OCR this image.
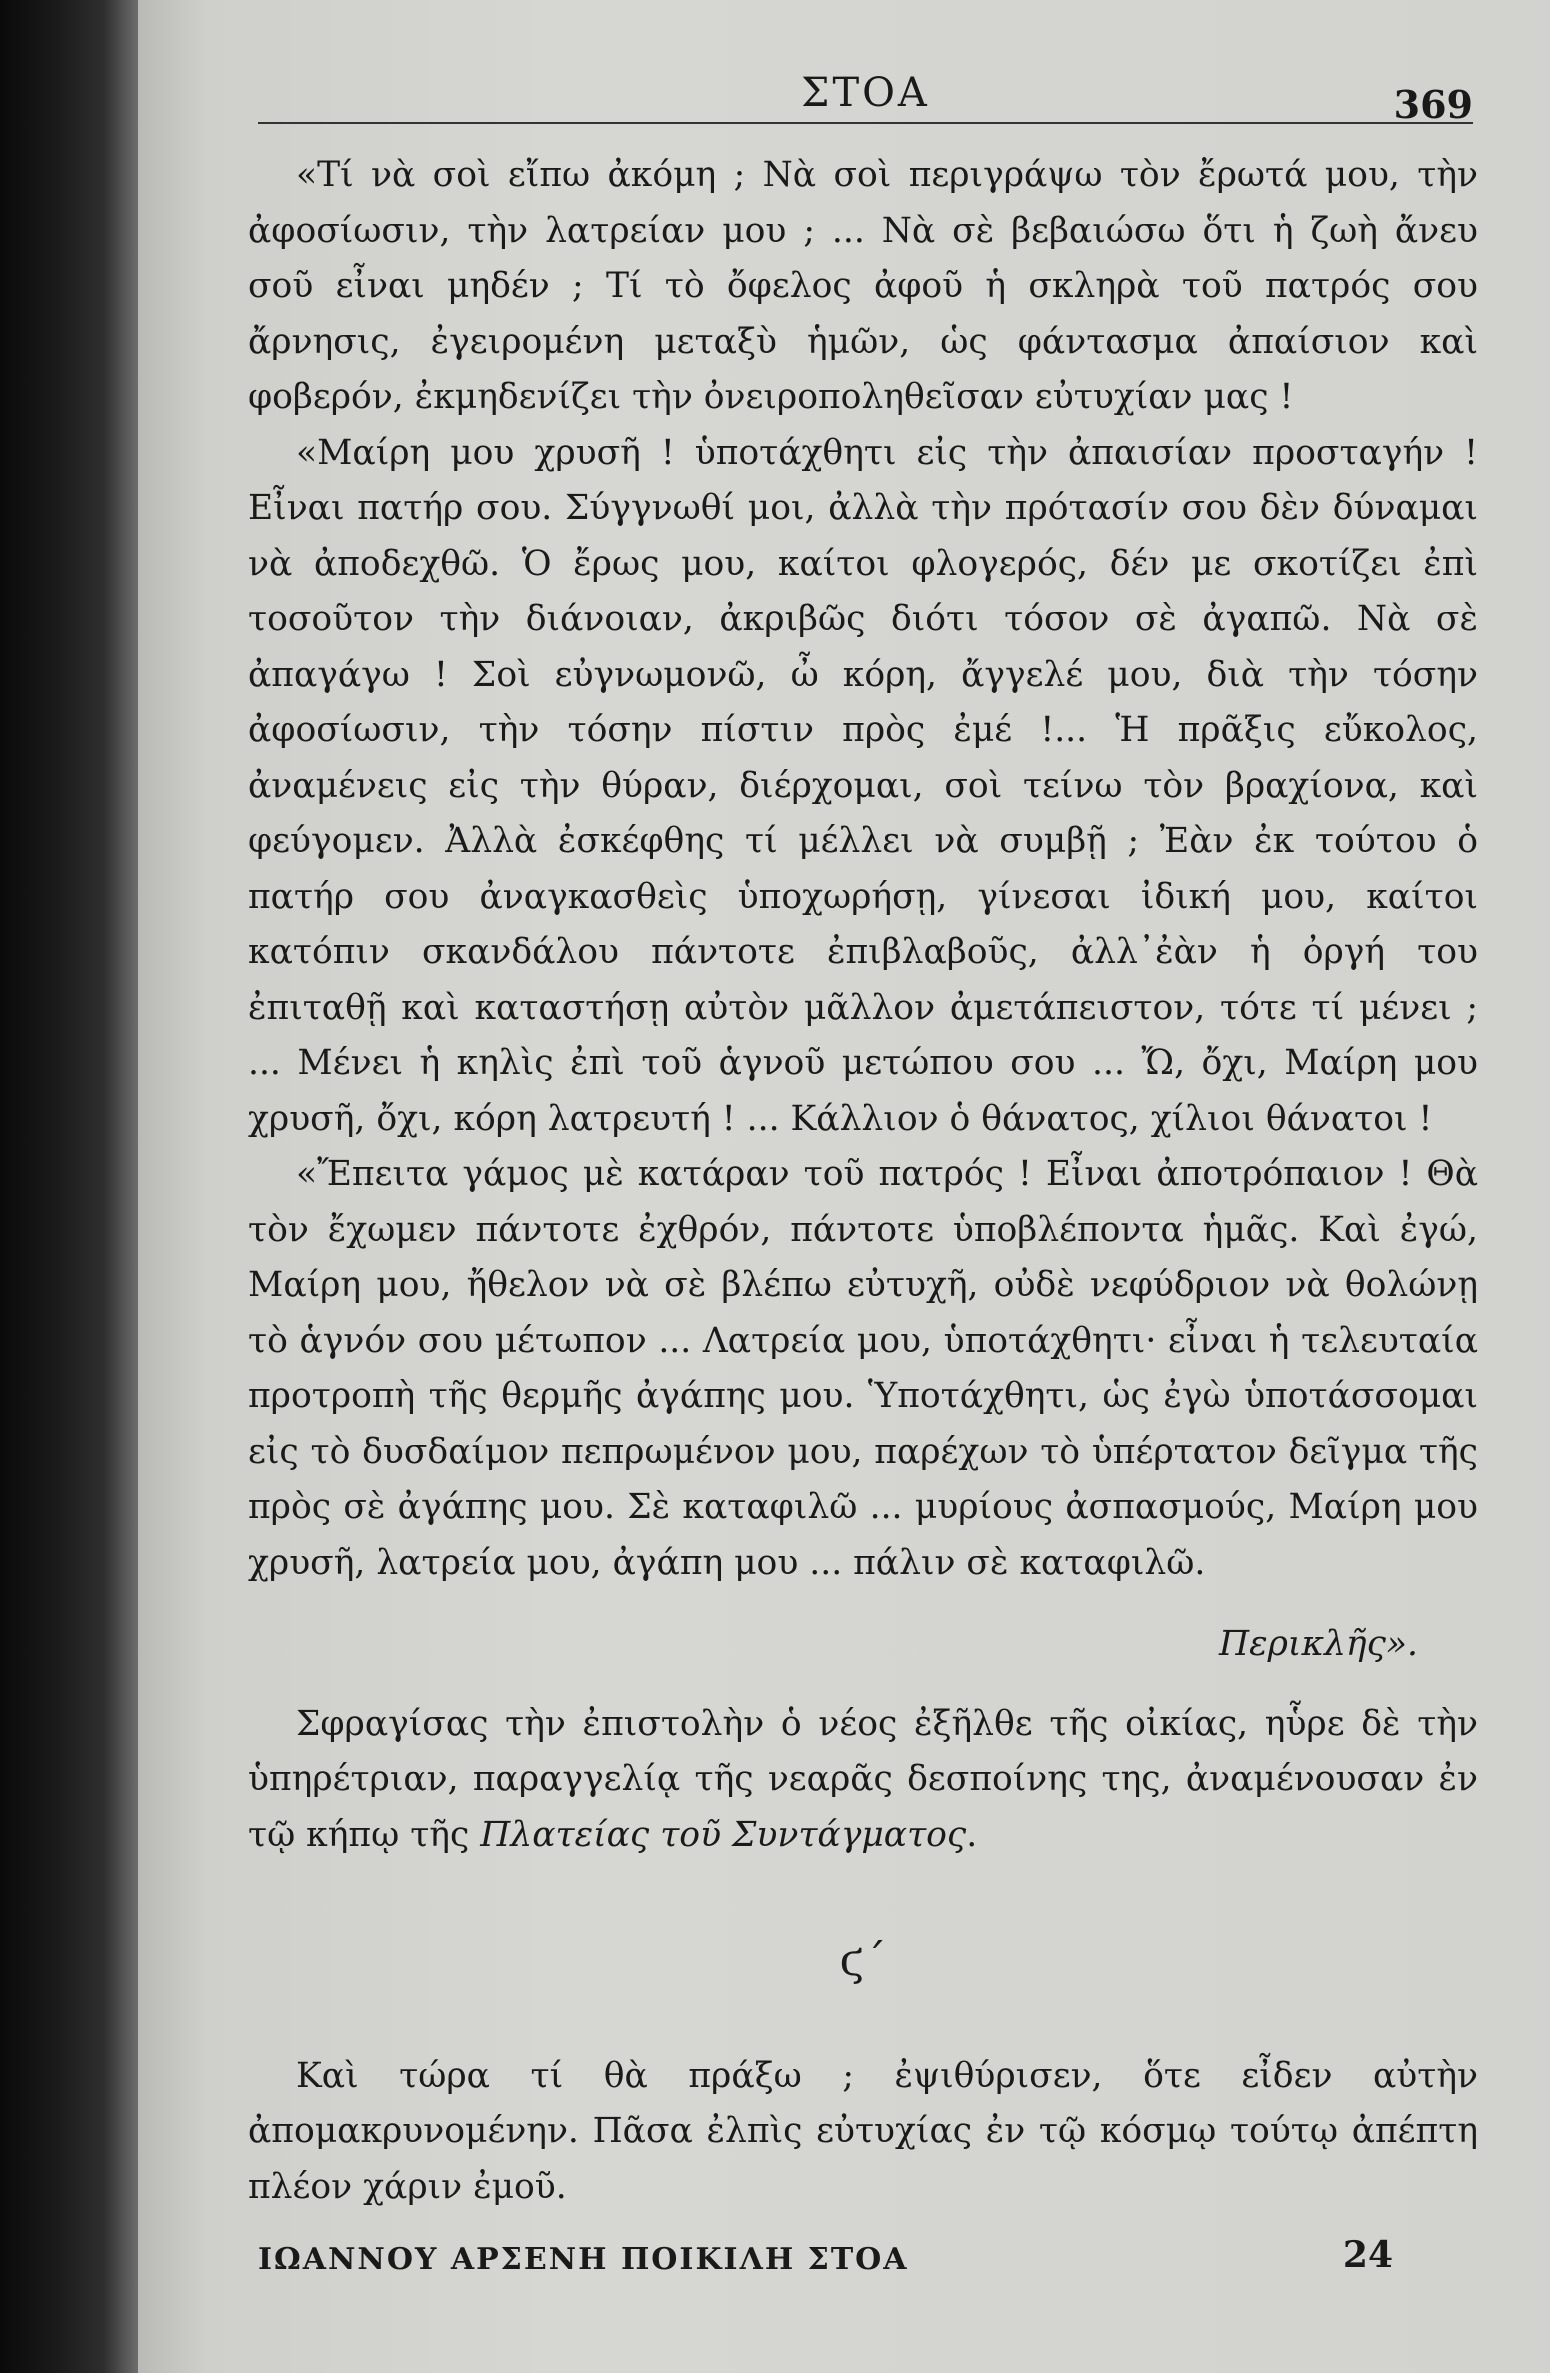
ΣΤΟΑ	369

«Τί νὰ σοὶ εἴπω ἀκόμη ; Νὰ σοὶ περιγράψω τὸν ἔρωτά μου, τὴν ἀφοσίωσιν, τὴν λατρείαν μου ; ... Νὰ σὲ βεβαιώσω ὅτι ἡ ζωὴ ἄνευ σοῦ εἶναι μηδέν ; Τί τὸ ὄφελος ἀφοῦ ἡ σκληρὰ τοῦ πατρός σου ἄρνησις, ἐγειρομένη μεταξὺ ἡμῶν, ὡς φάντασμα ἀπαίσιον καὶ φοβερόν, ἐκμηδενίζει τὴν ὀνειροποληθεῖσαν εὐτυχίαν μας !

«Μαίρη μου χρυσῆ ! ὑποτάχθητι εἰς τὴν ἀπαισίαν προσταγήν ! Εἶναι πατήρ σου. Σύγγνωθί μοι, ἀλλὰ τὴν πρότασίν σου δὲν δύναμαι νὰ ἀποδεχθῶ. Ὁ ἔρως μου, καίτοι φλογερός, δέν με σκοτίζει ἐπὶ τοσοῦτον τὴν διάνοιαν, ἀκριβῶς διότι τόσον σὲ ἀγαπῶ. Νὰ σὲ ἀπαγάγω ! Σοὶ εὐγνωμονῶ, ὦ κόρη, ἄγγελέ μου, διὰ τὴν τόσην ἀφοσίωσιν, τὴν τόσην πίστιν πρὸς ἐμέ !... Ἡ πρᾶξις εὔκολος, ἀναμένεις εἰς τὴν θύραν, διέρχομαι, σοὶ τείνω τὸν βραχίονα, καὶ φεύγομεν. Ἀλλὰ ἐσκέφθης τί μέλλει νὰ συμβῇ ; Ἐὰν ἐκ τούτου ὁ πατήρ σου ἀναγκασθεὶς ὑποχωρήσῃ, γίνεσαι ἰδική μου, καίτοι κατόπιν σκανδάλου πάντοτε ἐπιβλαβοῦς, ἀλλ᾽ἐὰν ἡ ὀργή του ἐπιταθῇ καὶ καταστήσῃ αὐτὸν μᾶλλον ἀμετάπειστον, τότε τί μένει ; ... Μένει ἡ κηλὶς ἐπὶ τοῦ ἁγνοῦ μετώπου σου ... Ὤ, ὄχι, Μαίρη μου χρυσῆ, ὄχι, κόρη λατρευτή ! ... Κάλλιον ὁ θάνατος, χίλιοι θάνατοι !

«Ἔπειτα γάμος μὲ κατάραν τοῦ πατρός ! Εἶναι ἀποτρόπαιον ! Θὰ τὸν ἔχωμεν πάντοτε ἐχθρόν, πάντοτε ὑποβλέποντα ἡμᾶς. Καὶ ἐγώ, Μαίρη μου, ἤθελον νὰ σὲ βλέπω εὐτυχῆ, οὐδὲ νεφύδριον νὰ θολώνῃ τὸ ἁγνόν σου μέτωπον ... Λατρεία μου, ὑποτάχθητι· εἶναι ἡ τελευταία προτροπὴ τῆς θερμῆς ἀγάπης μου. Ὑποτάχθητι, ὡς ἐγὼ ὑποτάσσομαι εἰς τὸ δυσδαίμον πεπρωμένον μου, παρέχων τὸ ὑπέρτατον δεῖγμα τῆς πρὸς σὲ ἀγάπης μου. Σὲ καταφιλῶ ... μυρίους ἀσπασμούς, Μαίρη μου χρυσῆ, λατρεία μου, ἀγάπη μου ... πάλιν σὲ καταφιλῶ.

Περικλῆς».

Σφραγίσας τὴν ἐπιστολὴν ὁ νέος ἐξῆλθε τῆς οἰκίας, ηὗρε δὲ τὴν ὑπηρέτριαν, παραγγελίᾳ τῆς νεαρᾶς δεσποίνης της, ἀναμένουσαν ἐν τῷ κήπῳ τῆς Πλατείας τοῦ Συντάγματος.

ϛ´

Καὶ τώρα τί θὰ πράξω ; ἐψιθύρισεν, ὅτε εἶδεν αὐτὴν ἀπομακρυνομένην. Πᾶσα ἐλπὶς εὐτυχίας ἐν τῷ κόσμῳ τούτῳ ἀπέπτη πλέον χάριν ἐμοῦ.

ΙΩΑΝΝΟΥ ΑΡΣΕΝΗ ΠΟΙΚΙΛΗ ΣΤΟΑ	24
